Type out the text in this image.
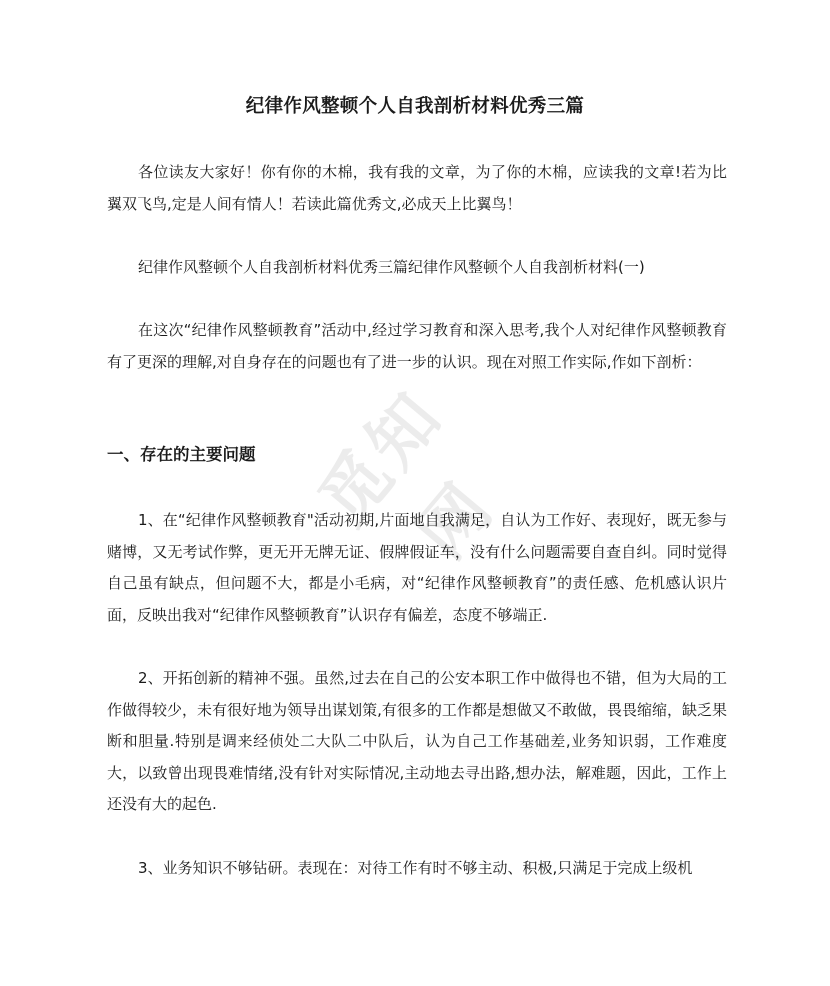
觅知网
纪律作风整顿个人自我剖析材料优秀三篇

各位读友大家好！你有你的木棉，我有我的文章，为了你的木棉，应读我的文章!若为比翼双飞鸟,定是人间有情人！若读此篇优秀文,必成天上比翼鸟！

纪律作风整顿个人自我剖析材料优秀三篇纪律作风整顿个人自我剖析材料(一)

在这次“纪律作风整顿教育”活动中,经过学习教育和深入思考,我个人对纪律作风整顿教育有了更深的理解,对自身存在的问题也有了进一步的认识。现在对照工作实际,作如下剖析：

一、存在的主要问题

1、在“纪律作风整顿教育"活动初期,片面地自我满足，自认为工作好、表现好，既无参与赌博，又无考试作弊，更无开无牌无证、假牌假证车，没有什么问题需要自查自纠。同时觉得自己虽有缺点，但问题不大，都是小毛病，对“纪律作风整顿教育”的责任感、危机感认识片面，反映出我对“纪律作风整顿教育”认识存有偏差，态度不够端正.

2、开拓创新的精神不强。虽然,过去在自己的公安本职工作中做得也不错，但为大局的工作做得较少，未有很好地为领导出谋划策,有很多的工作都是想做又不敢做，畏畏缩缩，缺乏果断和胆量.特别是调来经侦处二大队二中队后，认为自己工作基础差,业务知识弱，工作难度大，以致曾出现畏难情绪,没有针对实际情况,主动地去寻出路,想办法，解难题，因此，工作上还没有大的起色.

3、业务知识不够钻研。表现在：对待工作有时不够主动、积极,只满足于完成上级机
